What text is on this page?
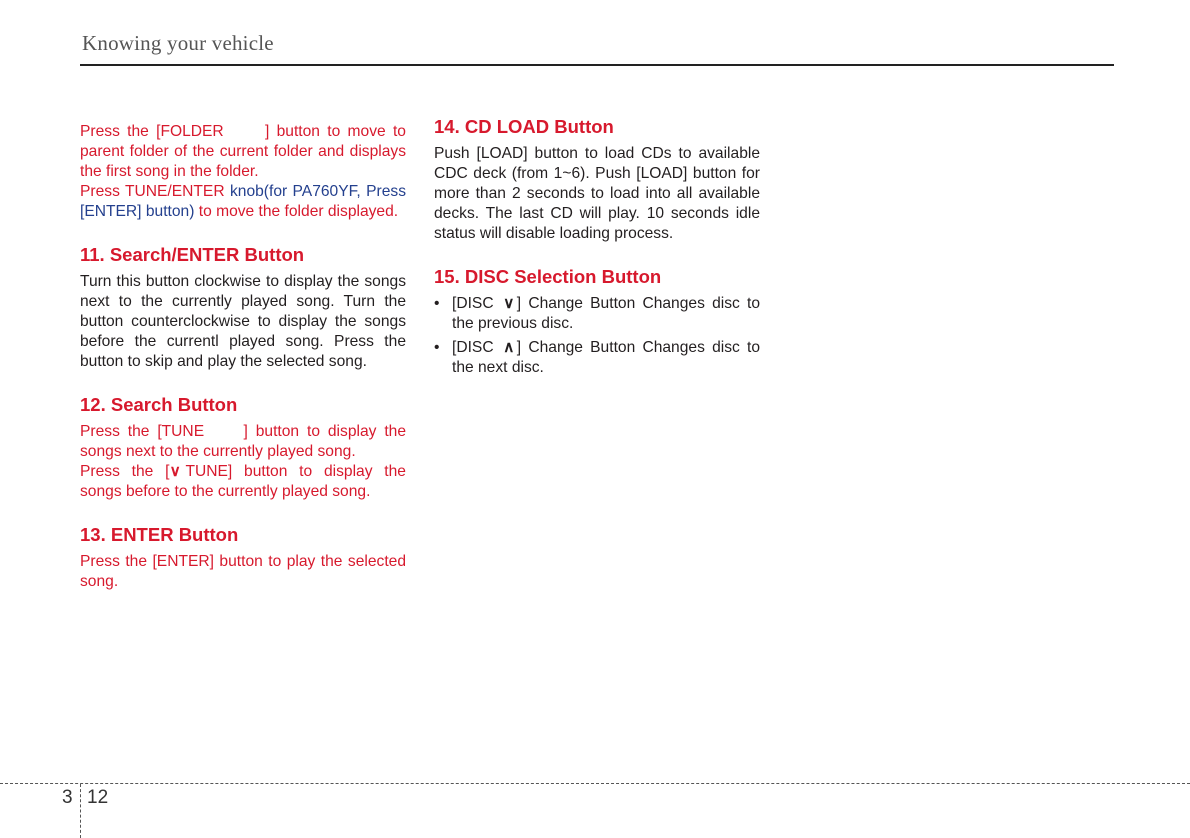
Knowing your vehicle

Press the [FOLDER	] button to move to parent folder of the current folder and displays the first song in the folder.

Press TUNE/ENTER knob(for PA760YF, Press [ENTER] button) to move the folder displayed.

11. Search/ENTER Button

Turn this button clockwise to display the songs next to the currently played song. Turn the button counterclockwise to display the songs before the currentl played song. Press the button to skip and play the selected song.

12. Search Button

Press the [TUNE     ] button to display the songs next to the currently played song.

Press the [∨ TUNE] button to display the songs before to the currently played song.

13. ENTER Button

Press the [ENTER] button to play the selected song.

14. CD LOAD Button

Push [LOAD] button to load CDs to available CDC deck (from 1~6). Push [LOAD] button for more than 2 seconds to load into all available decks. The last CD will play. 10 seconds idle status will disable loading process.

15. DISC Selection Button
• [DISC ∨ ] Change Button Changes disc to the previous disc.
• [DISC ∧ ] Change Button Changes disc to the next disc.
3 12
